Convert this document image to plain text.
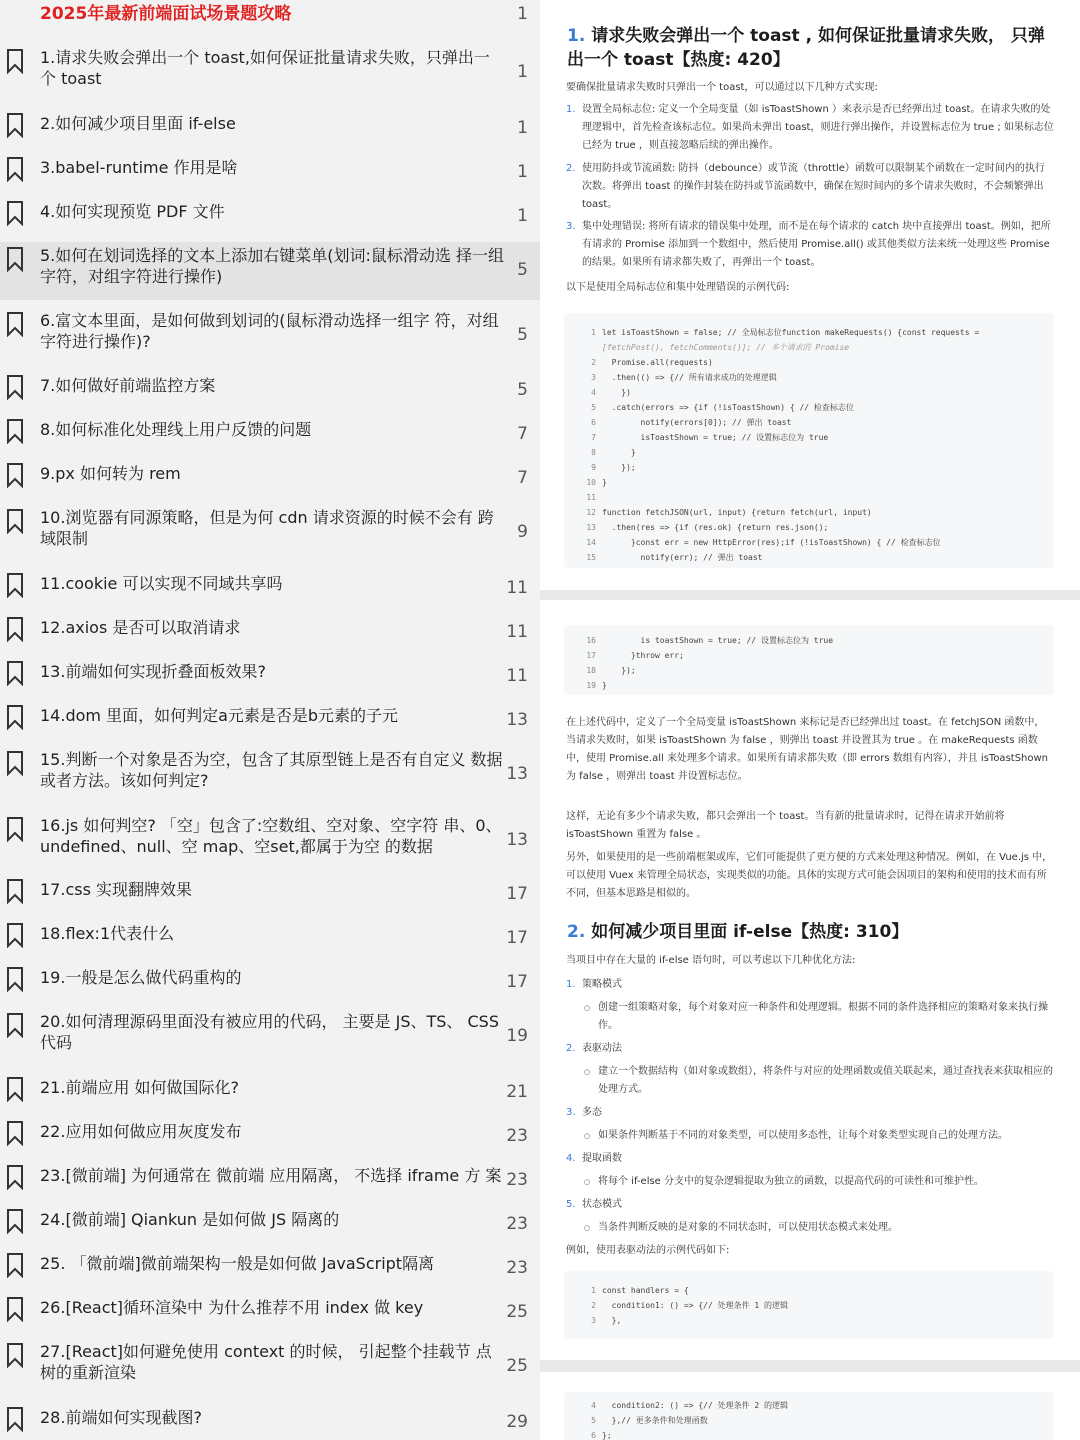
2025年最新前端面试场景题攻略	1
1.请求失败会弹出一个 toast,如何保证批量请求失败，只弹出一个 toast	1
2.如何减少项目里面 if-else	1
3.babel-runtime 作用是啥	1
4.如何实现预览 PDF 文件	1
5.如何在划词选择的文本上添加右键菜单(划词:鼠标滑动选 择一组字符，对组字符进行操作)	5
6.富文本里面，是如何做到划词的(鼠标滑动选择一组字 符，对组字符进行操作)?	5
7.如何做好前端监控方案	5
8.如何标准化处理线上用户反馈的问题	7
9.px 如何转为 rem	7
10.浏览器有同源策略，但是为何 cdn 请求资源的时候不会有 跨域限制	9
11.cookie 可以实现不同域共享吗	11
12.axios 是否可以取消请求	11
13.前端如何实现折叠面板效果?	11
14.dom 里面，如何判定a元素是否是b元素的子元	13
15.判断一个对象是否为空，包含了其原型链上是否有自定义 数据或者方法。该如何判定?	13
16.js 如何判空? 「空」包含了:空数组、空对象、空字符 串、0、undefined、null、空 map、空set,都属于为空 的数据	13
17.css 实现翻牌效果	17
18.flex:1代表什么	17
19.一般是怎么做代码重构的	17
20.如何清理源码里面没有被应用的代码， 主要是 JS、TS、 CSS 代码	19
21.前端应用 如何做国际化?	21
22.应用如何做应用灰度发布	23
23.[微前端] 为何通常在 微前端 应用隔离， 不选择 iframe 方 案 23
24.[微前端] Qiankun 是如何做 JS 隔离的	23
25. 「微前端]微前端架构一般是如何做 JavaScript隔离	23
26.[React]循环渲染中 为什么推荐不用 index 做 key	25
27.[React]如何避免使用 context 的时候， 引起整个挂载节 点树的重新渲染	25
28.前端如何实现截图?	29
1. 请求失败会弹出一个 toast , 如何保证批量请求失败， 只弹出一个 toast【热度: 420】
要确保批量请求失败时只弹出一个 toast，可以通过以下几种方式实现:
1. 设置全局标志位: 定义一个全局变量（如 isToastShown ）来表示是否已经弹出过 toast。在请求失败的处理逻辑中，首先检查该标志位。如果尚未弹出 toast，则进行弹出操作，并设置标志位为 true ; 如果标志位已经为 true ，则直接忽略后续的弹出操作。
2. 使用防抖或节流函数: 防抖（debounce）或节流（throttle）函数可以限制某个函数在一定时间内的执行次数。将弹出 toast 的操作封装在防抖或节流函数中，确保在短时间内的多个请求失败时，不会频繁弹出 toast。
3. 集中处理错误: 将所有请求的错误集中处理，而不是在每个请求的 catch 块中直接弹出 toast。例如，把所有请求的 Promise 添加到一个数组中，然后使用 Promise.all() 或其他类似方法来统一处理这些 Promise 的结果。如果所有请求都失败了，再弹出一个 toast。
以下是使用全局标志位和集中处理错误的示例代码:
1 let isToastShown = false; // 全局标志位function makeRequests() {const requests =
[fetchPost(), fetchComments()]; // 多个请求的 Promise
2  Promise.all(requests)
3  .then(() => {// 所有请求成功的处理逻辑
4    })
5  .catch(errors => {if (!isToastShown) { // 检查标志位
6        notify(errors[0]); // 弹出 toast
7        isToastShown = true; // 设置标志位为 true
8      }
9    });
10 }
11
12 function fetchJSON(url, input) {return fetch(url, input)
13  .then(res => {if (res.ok) {return res.json();
14      }const err = new HttpError(res);if (!isToastShown) { // 检查标志位
15        notify(err); // 弹出 toast
16        is toastShown = true; // 设置标志位为 true
17      }throw err;
18    });
19 }
在上述代码中，定义了一个全局变量 isToastShown 来标记是否已经弹出过 toast。在 fetchJSON 函数中，当请求失败时，如果 isToastShown 为 false ，则弹出 toast 并设置其为 true 。在 makeRequests 函数中，使用 Promise.all 来处理多个请求。如果所有请求都失败（即 errors 数组有内容），并且 isToastShown 为 false ，则弹出 toast 并设置标志位。
这样，无论有多少个请求失败，都只会弹出一个 toast。当有新的批量请求时，记得在请求开始前将 isToastShown 重置为 false 。
另外，如果使用的是一些前端框架或库，它们可能提供了更方便的方式来处理这种情况。例如，在 Vue.js 中，可以使用 Vuex 来管理全局状态，实现类似的功能。具体的实现方式可能会因项目的架构和使用的技术而有所不同，但基本思路是相似的。
2. 如何减少项目里面 if-else【热度: 310】
当项目中存在大量的 if-else 语句时，可以考虑以下几种优化方法:
1. 策略模式
○ 创建一组策略对象，每个对象对应一种条件和处理逻辑。根据不同的条件选择相应的策略对象来执行操作。
2. 表驱动法
○ 建立一个数据结构（如对象或数组），将条件与对应的处理函数或值关联起来，通过查找表来获取相应的处理方式。
3. 多态
○ 如果条件判断基于不同的对象类型，可以使用多态性，让每个对象类型实现自己的处理方法。
4. 提取函数
○ 将每个 if-else 分支中的复杂逻辑提取为独立的函数，以提高代码的可读性和可维护性。
5. 状态模式
○ 当条件判断反映的是对象的不同状态时，可以使用状态模式来处理。
例如，使用表驱动法的示例代码如下:
1 const handlers = {
2  condition1: () => {// 处理条件 1 的逻辑
3  },
4  condition2: () => {// 处理条件 2 的逻辑
5  },// 更多条件和处理函数
6 };
